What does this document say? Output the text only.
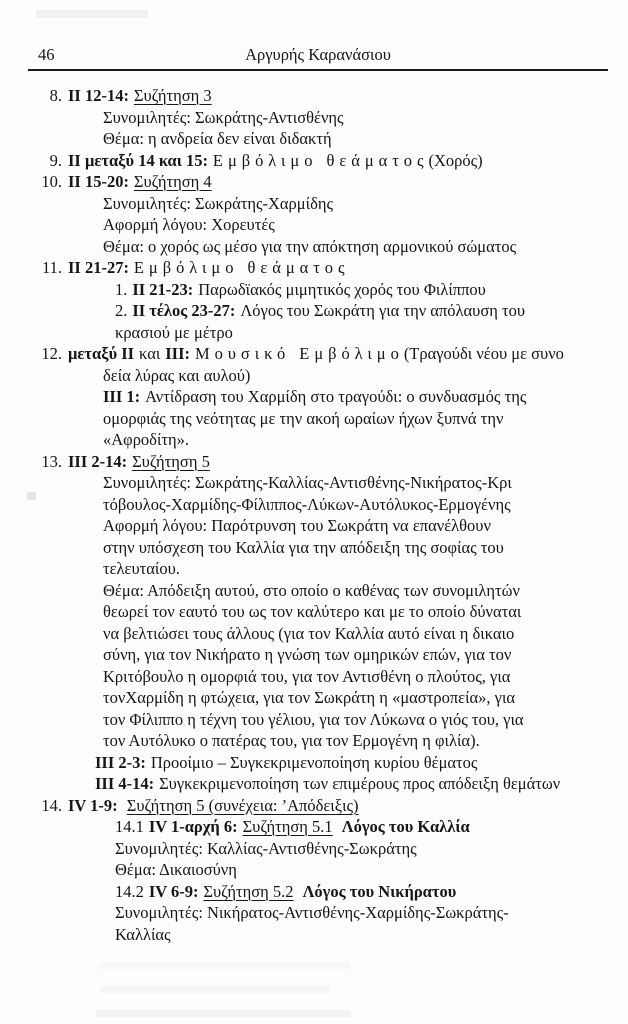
46	Αργυρής Καρανάσιου
8. II 12-14: Συζήτηση 3
Συνομιλητές: Σωκράτης-Αντισθένης
Θέμα: η ανδρεία δεν είναι διδακτή
9. II μεταξύ 14 και 15: Εμβόλιμο θεάματος(Χορός)
10. II 15-20: Συζήτηση 4
Συνομιλητές: Σωκράτης-Χαρμίδης
Αφορμή λόγου: Χορευτές
Θέμα: ο χορός ως μέσο για την απόκτηση αρμονικού σώματος
11. II 21-27: Εμβόλιμο θεάματος
1. II 21-23: Παρωδϊακός μιμητικός χορός του Φιλίππου
2. II τέλος 23-27: Λόγος του Σωκράτη για την απόλαυση του
κρασιού με μέτρο
12. μεταξύ II και III: Μουσικό Εμβόλιμο(Τραγούδι νέου με συνο
δεία λύρας και αυλού)
III 1: Αντίδραση του Χαρμίδη στο τραγούδι: ο συνδυασμός της
ομορφιάς της νεότητας με την ακοή ωραίων ήχων ξυπνά την
«Αφροδίτη».
13. III 2-14: Συζήτηση 5
Συνομιλητές: Σωκράτης-Καλλίας-Αντισθένης-Νικήρατος-Κρι
τόβουλος-Χαρμίδης-Φίλιππος-Λύκων-Αυτόλυκος-Ερμογένης
Αφορμή λόγου: Παρότρυνση του Σωκράτη να επανέλθουν
στην υπόσχεση του Καλλία για την απόδειξη της σοφίας του
τελευταίου.
Θέμα: Απόδειξη αυτού, στο οποίο ο καθένας των συνομιλητών
θεωρεί τον εαυτό του ως τον καλύτερο και με το οποίο δύναται
να βελτιώσει τους άλλους (για τον Καλλία αυτό είναι η δικαιο
σύνη, για τον Νικήρατο η γνώση των ομηρικών επών, για τον
Κριτόβουλο η ομορφιά του, για τον Αντισθένη ο πλούτος, για
τονΧαρμίδη η φτώχεια, για τον Σωκράτη η «μαστροπεία», για
τον Φίλιππο η τέχνη του γέλιου, για τον Λύκωνα ο γιός του, για
τον Αυτόλυκο ο πατέρας του, για τον Ερμογένη η φιλία).
III 2-3: Προοίμιο – Συγκεκριμενοποίηση κυρίου θέματος
III 4-14: Συγκεκριμενοποίηση των επιμέρους προς απόδειξη θεμάτων
14. IV 1-9: Συζήτηση 5 (συνέχεια: ’Απόδειξις)
14.1 IV 1-αρχή 6: Συζήτηση 5.1 Λόγος του Καλλία
Συνομιλητές: Καλλίας-Αντισθένης-Σωκράτης
Θέμα: Δικαιοσύνη
14.2 IV 6-9: Συζήτηση 5.2 Λόγος του Νικήρατου
Συνομιλητές: Νικήρατος-Αντισθένης-Χαρμίδης-Σωκράτης-
Καλλίας
